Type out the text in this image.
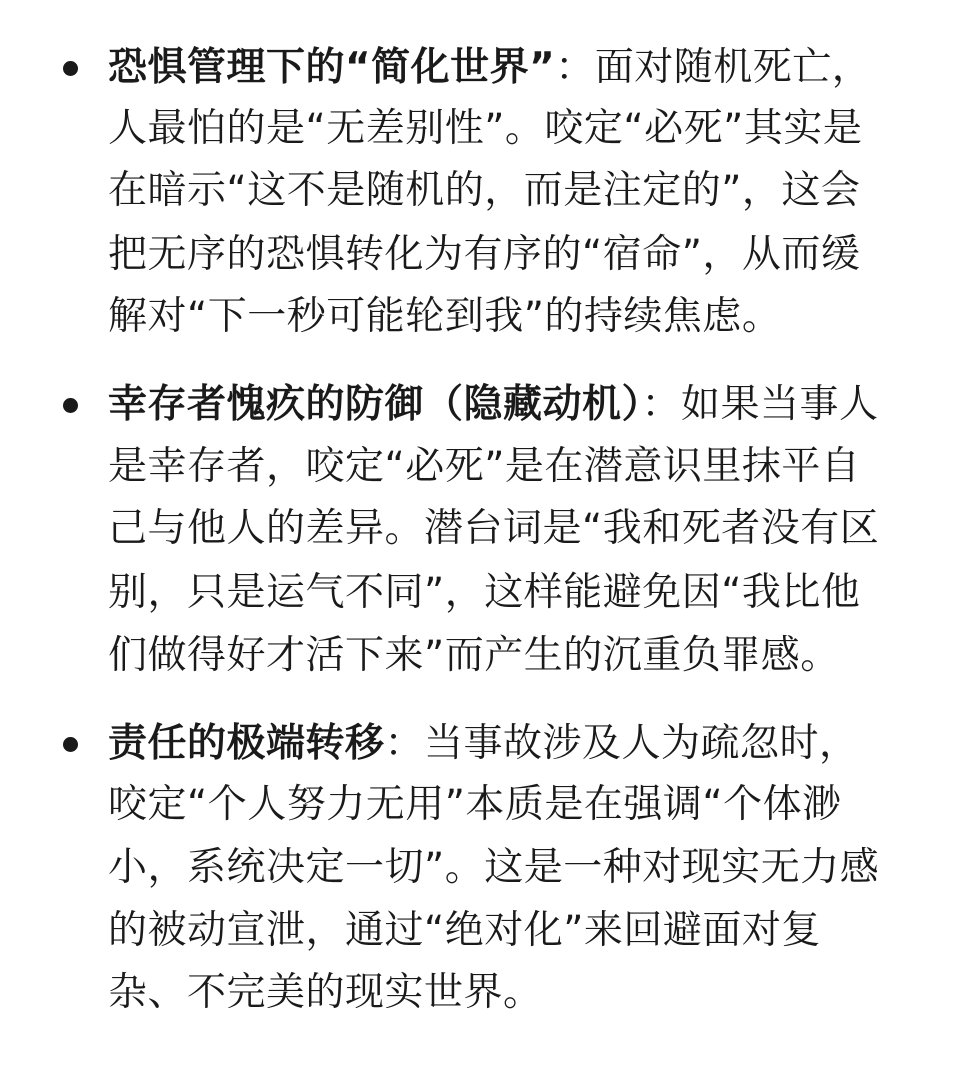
恐惧管理下的“简化世界”：面对随机死亡，
人最怕的是“无差别性”。咬定“必死”其实是
在暗示“这不是随机的，而是注定的”，这会
把无序的恐惧转化为有序的“宿命”，从而缓
解对“下一秒可能轮到我”的持续焦虑。
幸存者愧疚的防御（隐藏动机）：如果当事人
是幸存者，咬定“必死”是在潜意识里抹平自
己与他人的差异。潜台词是“我和死者没有区
别，只是运气不同”，这样能避免因“我比他
们做得好才活下来”而产生的沉重负罪感。
责任的极端转移：当事故涉及人为疏忽时，
咬定“个人努力无用”本质是在强调“个体渺
小，系统决定一切”。这是一种对现实无力感
的被动宣泄，通过“绝对化”来回避面对复
杂、不完美的现实世界。
